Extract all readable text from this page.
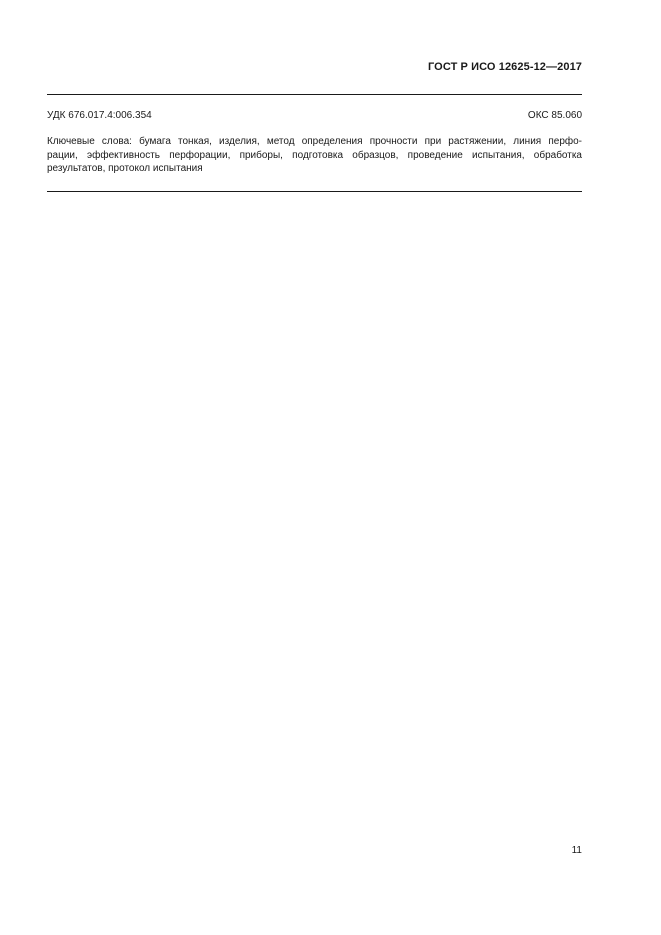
ГОСТ Р ИСО 12625-12—2017
УДК 676.017.4:006.354	ОКС 85.060
Ключевые слова: бумага тонкая, изделия, метод определения прочности при растяжении, линия перфо-
рации, эффективность перфорации, приборы, подготовка образцов, проведение испытания, обработка
результатов, протокол испытания
11
